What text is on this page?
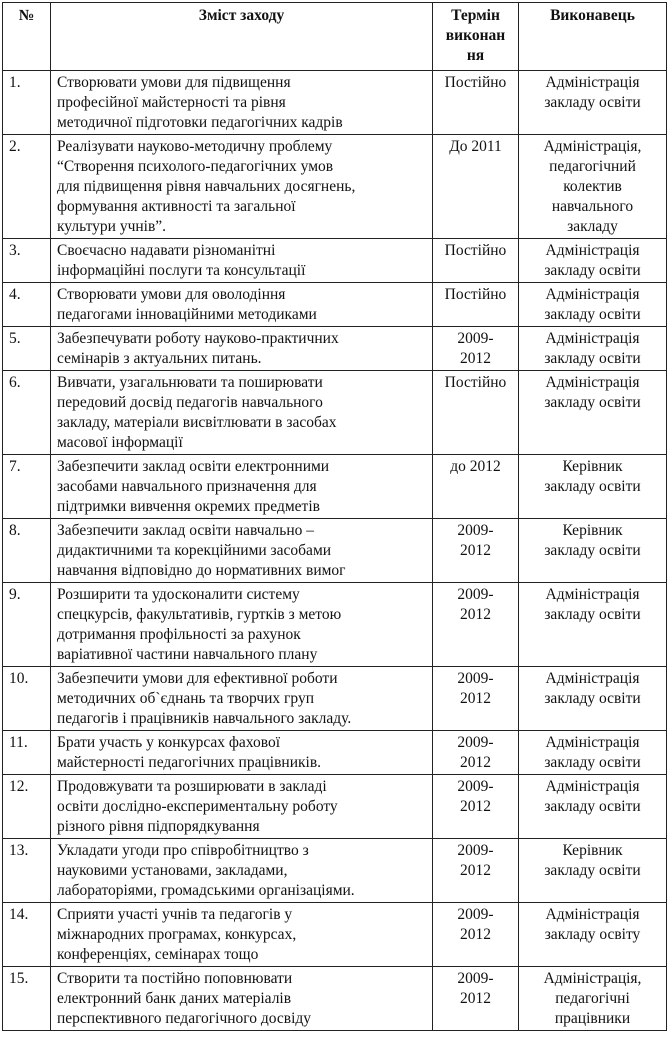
№	Зміст заходу	Термін
виконан
ня	Виконавець
1.	Створювати умови для підвищення
професійної майстерності та рівня
методичної підготовки педагогічних кадрів	Постійно	Адміністрація
закладу освіти

2.	Реалізувати науково-методичну проблему
“Створення психолого-педагогічних умов
для підвищення рівня навчальних досягнень,
формування активності та загальної
культури учнів”.	До 2011	Адміністрація,
педагогічний
колектив
навчального
закладу

3.	Своєчасно надавати різноманітні
інформаційні послуги та консультації	Постійно	Адміністрація
закладу освіти

4.	Створювати умови для оволодіння
педагогами інноваційними методиками	Постійно	Адміністрація
закладу освіти

5.	Забезпечувати роботу науково-практичних
семінарів з актуальних питань.	2009-
2012	Адміністрація
закладу освіти

6.	Вивчати, узагальнювати та поширювати
передовий досвід педагогів навчального
закладу, матеріали висвітлювати в засобах
масової інформації	Постійно	Адміністрація
закладу освіти

7.	Забезпечити заклад освіти електронними
засобами навчального призначення для
підтримки вивчення окремих предметів	до 2012	Керівник
закладу освіти

8.	Забезпечити заклад освіти навчально –
дидактичними та корекційними засобами
навчання відповідно до нормативних вимог	2009-
2012	Керівник
закладу освіти

9.	Розширити та удосконалити систему
спецкурсів, факультативів, гуртків з метою
дотримання профільності за рахунок
варіативної частини навчального плану	2009-
2012	Адміністрація
закладу освіти

10.	Забезпечити умови для ефективної роботи
методичних об`єднань та творчих груп
педагогів і працівників навчального закладу.	2009-
2012	Адміністрація
закладу освіти

11.	Брати участь у конкурсах фахової
майстерності педагогічних працівників.	2009-
2012	Адміністрація
закладу освіти

12.	Продовжувати та розширювати в закладі
освіти дослідно-експериментальну роботу
різного рівня підпорядкування	2009-
2012	Адміністрація
закладу освіти

13.	Укладати угоди про співробітництво з
науковими установами, закладами,
лабораторіями, громадськими організаціями.	2009-
2012	Керівник
закладу освіти

14.	Сприяти участі учнів та педагогів у
міжнародних програмах, конкурсах,
конференціях, семінарах тощо	2009-
2012	Адміністрація
закладу освіту

15.	Створити та постійно поповнювати
електронний банк даних матеріалів
перспективного педагогічного досвіду	2009-
2012	Адміністрація,
педагогічні
працівники
